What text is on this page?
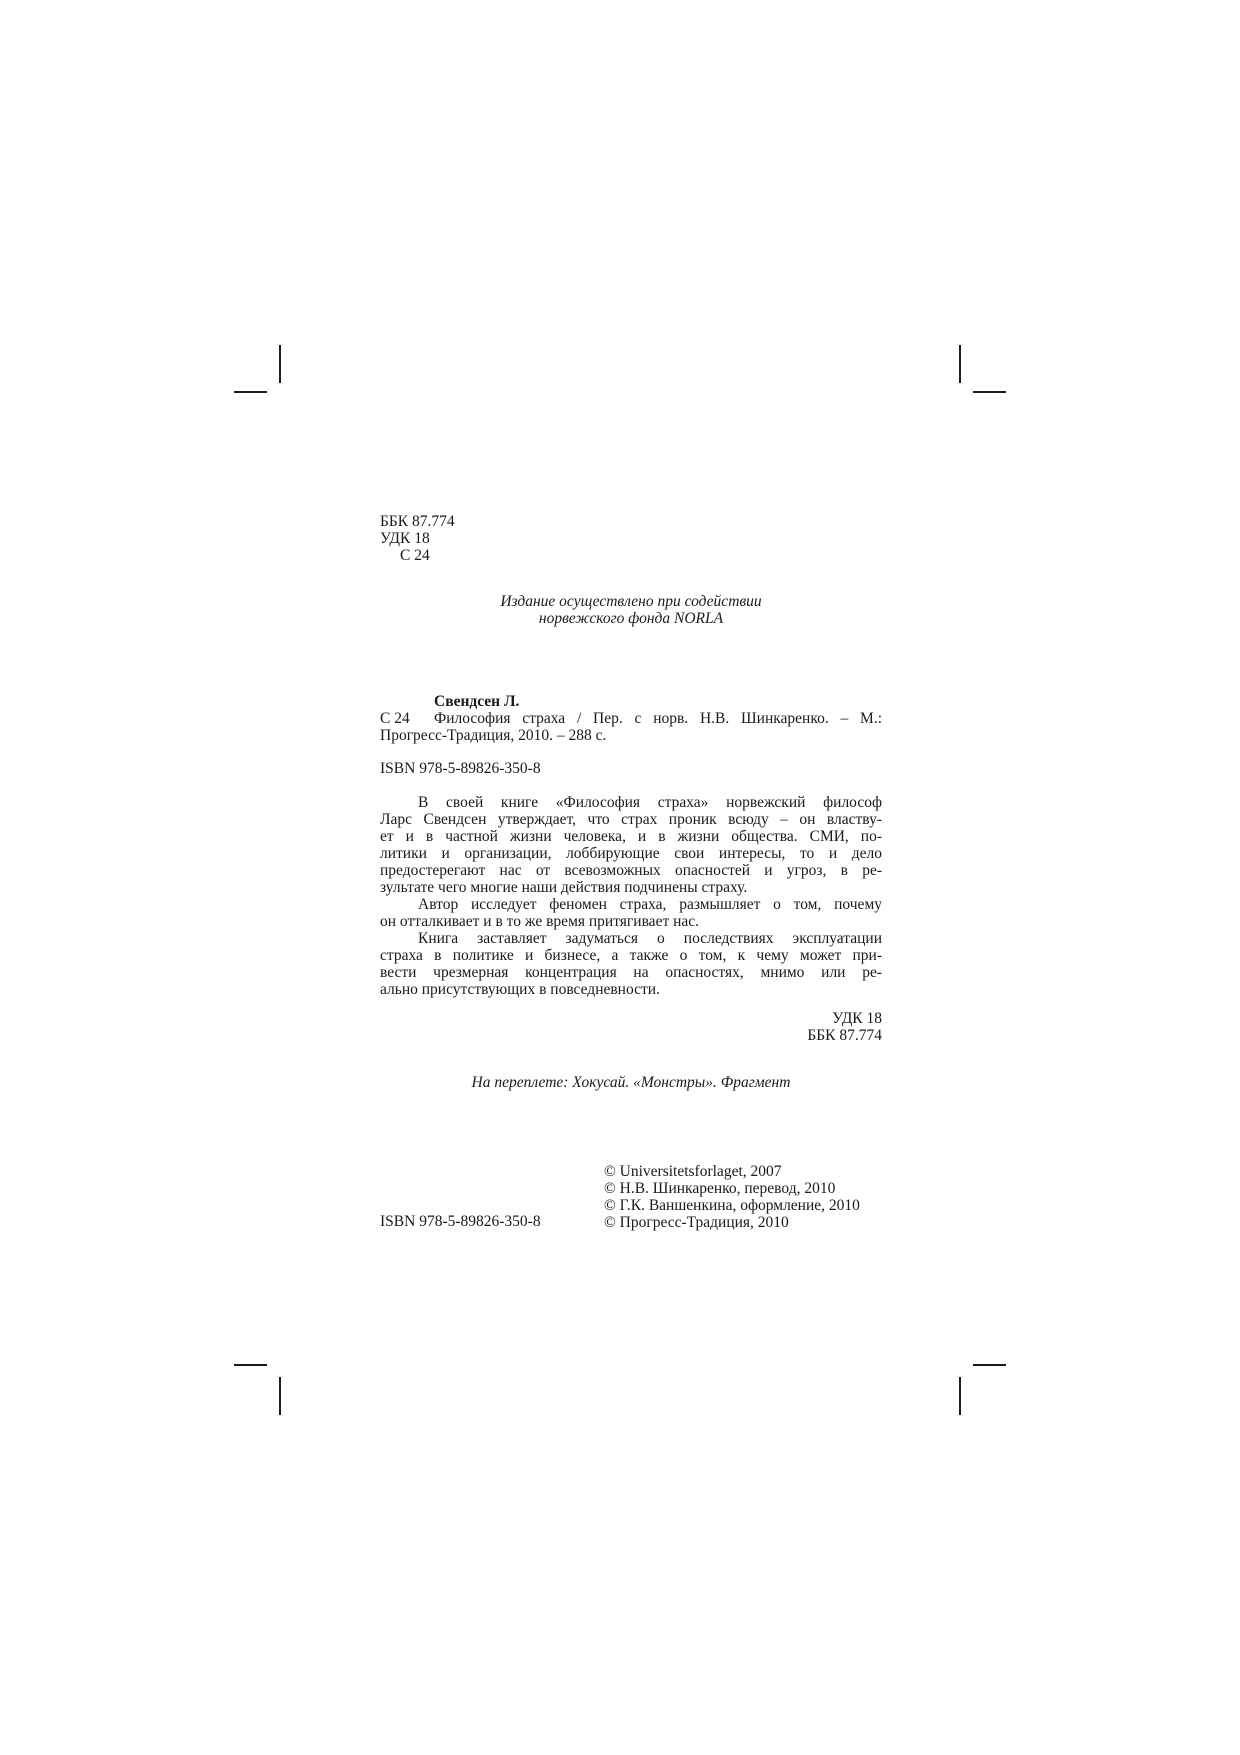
ББК 87.774
УДК 18
С 24
Издание осуществлено при содействии
норвежского фонда NORLA
Свендсен Л.
С 24	Философия страха / Пер. с норв. Н.В. Шинкаренко. – М.:
Прогресс-Традиция, 2010. – 288 с.
ISBN 978-5-89826-350-8
В своей книге «Философия страха» норвежский философ
Ларс Свендсен утверждает, что страх проник всюду – он властву-
ет и в частной жизни человека, и в жизни общества. СМИ, по-
литики и организации, лоббирующие свои интересы, то и дело
предостерегают нас от всевозможных опасностей и угроз, в ре-
зультате чего многие наши действия подчинены страху.
Автор исследует феномен страха, размышляет о том, почему
он отталкивает и в то же время притягивает нас.
Книга заставляет задуматься о последствиях эксплуатации
страха в политике и бизнесе, а также о том, к чему может при-
вести чрезмерная концентрация на опасностях, мнимо или ре-
ально присутствующих в повседневности.
УДК 18
ББК 87.774
На переплете: Хокусай. «Монстры». Фрагмент
© Universitetsforlaget, 2007
© Н.В. Шинкаренко, перевод, 2010
© Г.К. Ваншенкина, оформление, 2010
© Прогресс-Традиция, 2010
ISBN 978-5-89826-350-8
